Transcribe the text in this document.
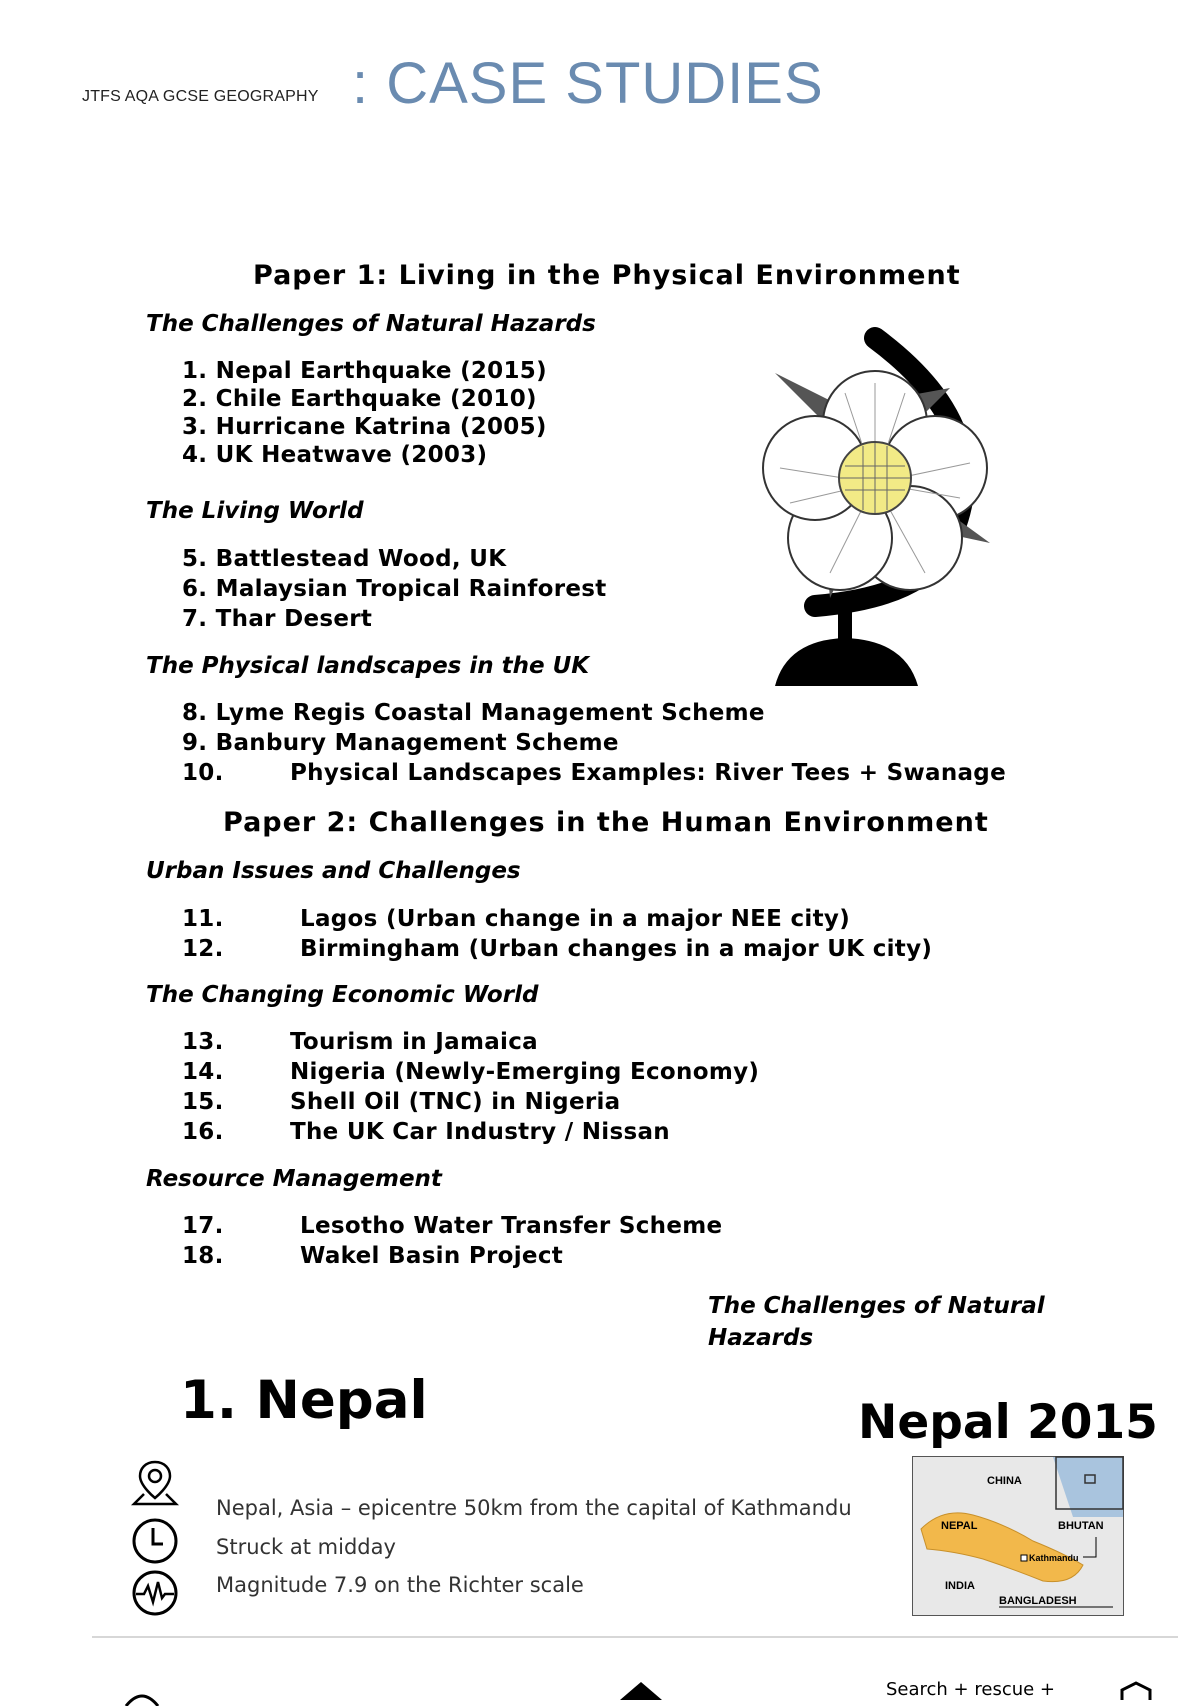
JTFS AQA GCSE GEOGRAPHY : CASE STUDIES
Paper 1: Living in the Physical Environment
The Challenges of Natural Hazards
1. Nepal Earthquake (2015)
2. Chile Earthquake (2010)
3. Hurricane Katrina (2005)
4. UK Heatwave (2003)
The Living World
5. Battlestead Wood, UK
6. Malaysian Tropical Rainforest
7. Thar Desert
The Physical landscapes in the UK
8. Lyme Regis Coastal Management Scheme
9. Banbury Management Scheme
10.	Physical Landscapes Examples: River Tees + Swanage
Paper 2: Challenges in the Human Environment
Urban Issues and Challenges
11.	Lagos (Urban change in a major NEE city)
12.	Birmingham (Urban changes in a major UK city)
The Changing Economic World
13.	Tourism in Jamaica
14.	Nigeria (Newly-Emerging Economy)
15.	Shell Oil (TNC) in Nigeria
16.	The UK Car Industry / Nissan
Resource Management
17.	Lesotho Water Transfer Scheme
18.	Wakel Basin Project
The Challenges of Natural Hazards
1. Nepal	Nepal 2015
Nepal, Asia – epicentre 50km from the capital of Kathmandu
Struck at midday
Magnitude 7.9 on the Richter scale
CHINA
NEPAL	BHUTAN
Kathmandu
INDIA
BANGLADESH
Search + rescue +
